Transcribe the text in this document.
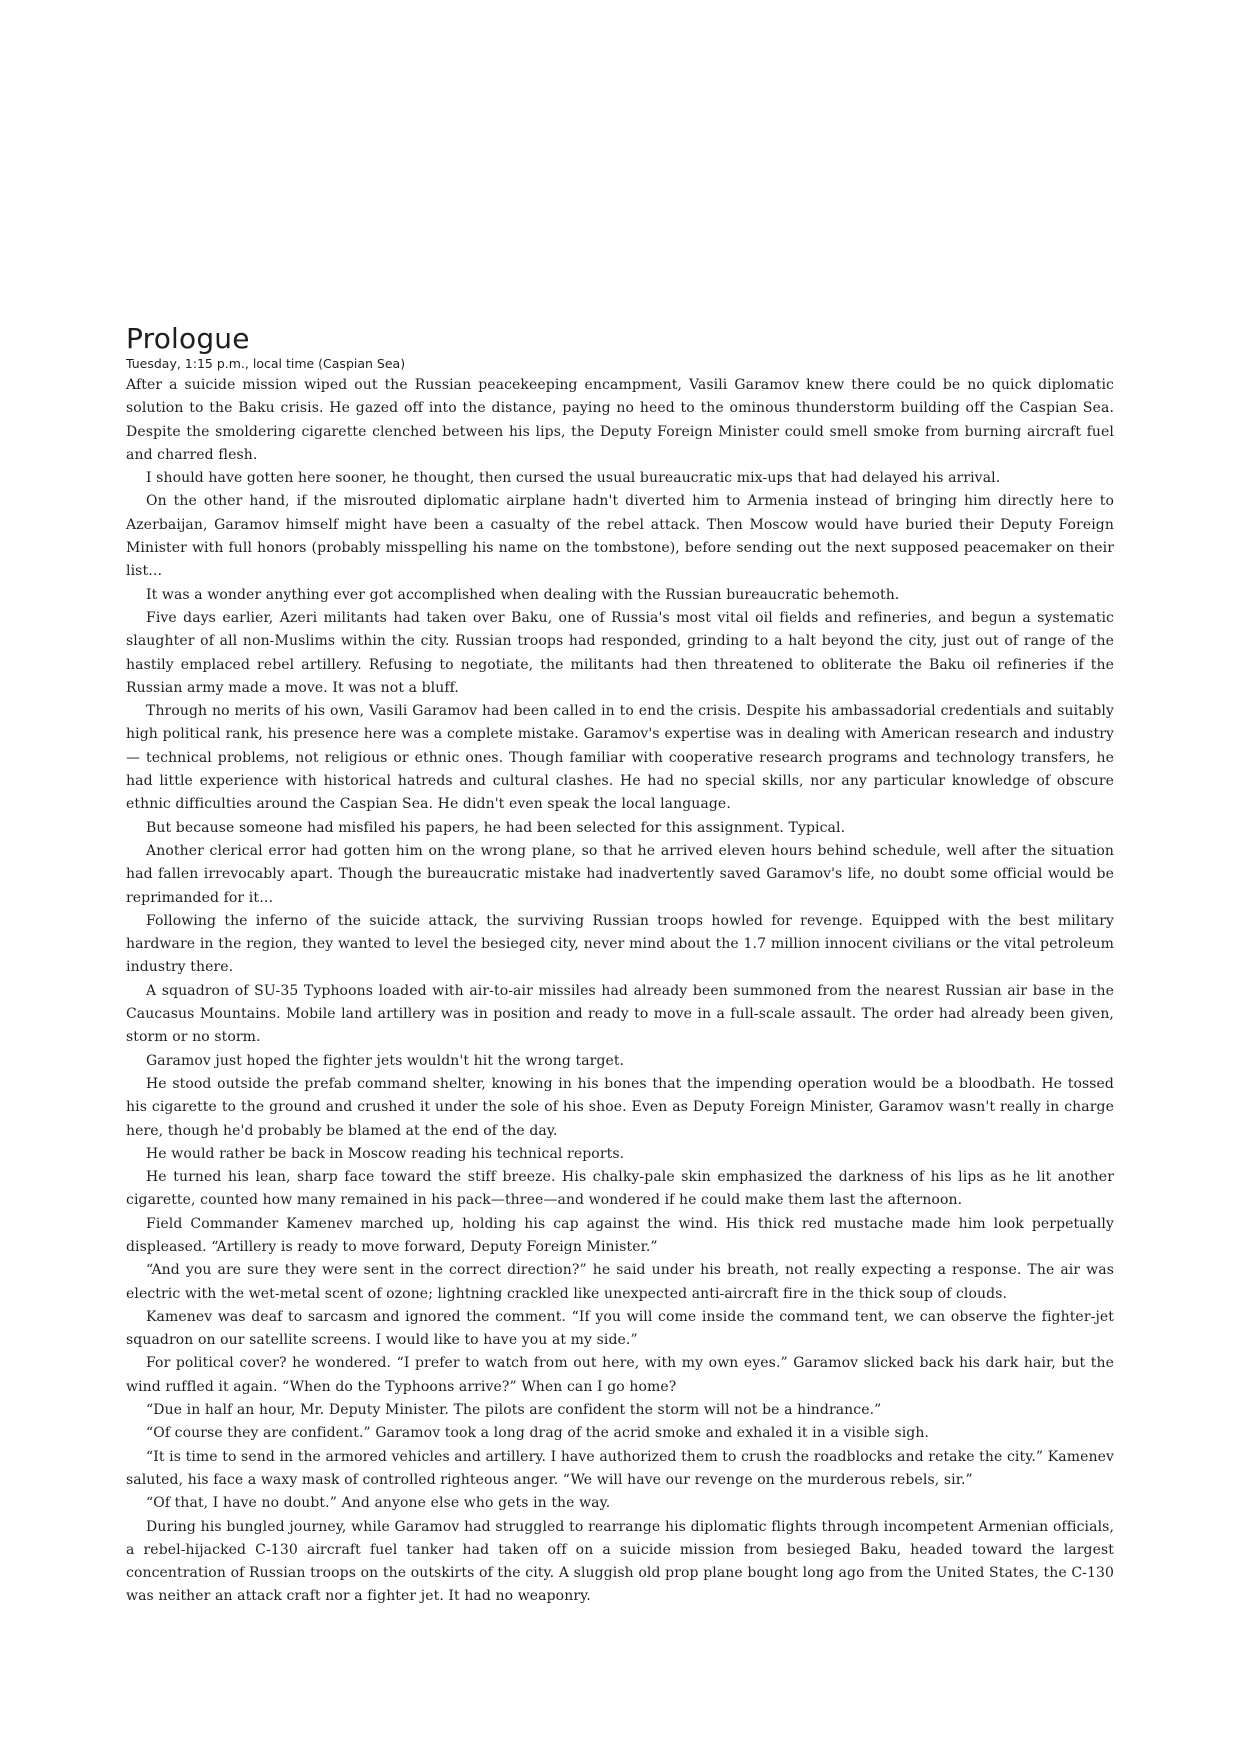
Prologue
Tuesday, 1:15 p.m., local time (Caspian Sea)

After a suicide mission wiped out the Russian peacekeeping encampment, Vasili Garamov knew there could be no quick diplomatic solution to the Baku crisis. He gazed off into the distance, paying no heed to the ominous thunderstorm building off the Caspian Sea. Despite the smoldering cigarette clenched between his lips, the Deputy Foreign Minister could smell smoke from burning aircraft fuel and charred flesh.

I should have gotten here sooner, he thought, then cursed the usual bureaucratic mix-ups that had delayed his arrival.

On the other hand, if the misrouted diplomatic airplane hadn't diverted him to Armenia instead of bringing him directly here to Azerbaijan, Garamov himself might have been a casualty of the rebel attack. Then Moscow would have buried their Deputy Foreign Minister with full honors (probably misspelling his name on the tombstone), before sending out the next supposed peacemaker on their list…

It was a wonder anything ever got accomplished when dealing with the Russian bureaucratic behemoth.

Five days earlier, Azeri militants had taken over Baku, one of Russia's most vital oil fields and refineries, and begun a systematic slaughter of all non-Muslims within the city. Russian troops had responded, grinding to a halt beyond the city, just out of range of the hastily emplaced rebel artillery. Refusing to negotiate, the militants had then threatened to obliterate the Baku oil refineries if the Russian army made a move. It was not a bluff.

Through no merits of his own, Vasili Garamov had been called in to end the crisis. Despite his ambassadorial credentials and suitably high political rank, his presence here was a complete mistake. Garamov's expertise was in dealing with American research and industry— technical problems, not religious or ethnic ones. Though familiar with cooperative research programs and technology transfers, he had little experience with historical hatreds and cultural clashes. He had no special skills, nor any particular knowledge of obscure ethnic difficulties around the Caspian Sea. He didn't even speak the local language.

But because someone had misfiled his papers, he had been selected for this assignment. Typical.

Another clerical error had gotten him on the wrong plane, so that he arrived eleven hours behind schedule, well after the situation had fallen irrevocably apart. Though the bureaucratic mistake had inadvertently saved Garamov's life, no doubt some official would be reprimanded for it…

Following the inferno of the suicide attack, the surviving Russian troops howled for revenge. Equipped with the best military hardware in the region, they wanted to level the besieged city, never mind about the 1.7 million innocent civilians or the vital petroleum industry there.

A squadron of SU-35 Typhoons loaded with air-to-air missiles had already been summoned from the nearest Russian air base in the Caucasus Mountains. Mobile land artillery was in position and ready to move in a full-scale assault. The order had already been given, storm or no storm.

Garamov just hoped the fighter jets wouldn't hit the wrong target.

He stood outside the prefab command shelter, knowing in his bones that the impending operation would be a bloodbath. He tossed his cigarette to the ground and crushed it under the sole of his shoe. Even as Deputy Foreign Minister, Garamov wasn't really in charge here, though he'd probably be blamed at the end of the day.

He would rather be back in Moscow reading his technical reports.

He turned his lean, sharp face toward the stiff breeze. His chalky-pale skin emphasized the darkness of his lips as he lit another cigarette, counted how many remained in his pack—three—and wondered if he could make them last the afternoon.

Field Commander Kamenev marched up, holding his cap against the wind. His thick red mustache made him look perpetually displeased. “Artillery is ready to move forward, Deputy Foreign Minister.”

“And you are sure they were sent in the correct direction?” he said under his breath, not really expecting a response. The air was electric with the wet-metal scent of ozone; lightning crackled like unexpected anti-aircraft fire in the thick soup of clouds.

Kamenev was deaf to sarcasm and ignored the comment. “If you will come inside the command tent, we can observe the fighter-jet squadron on our satellite screens. I would like to have you at my side.”

For political cover? he wondered. “I prefer to watch from out here, with my own eyes.” Garamov slicked back his dark hair, but the wind ruffled it again. “When do the Typhoons arrive?” When can I go home?

“Due in half an hour, Mr. Deputy Minister. The pilots are confident the storm will not be a hindrance.”

“Of course they are confident.” Garamov took a long drag of the acrid smoke and exhaled it in a visible sigh.

“It is time to send in the armored vehicles and artillery. I have authorized them to crush the roadblocks and retake the city.” Kamenev saluted, his face a waxy mask of controlled righteous anger. “We will have our revenge on the murderous rebels, sir.”

“Of that, I have no doubt.” And anyone else who gets in the way.

During his bungled journey, while Garamov had struggled to rearrange his diplomatic flights through incompetent Armenian officials, a rebel-hijacked C-130 aircraft fuel tanker had taken off on a suicide mission from besieged Baku, headed toward the largest concentration of Russian troops on the outskirts of the city. A sluggish old prop plane bought long ago from the United States, the C-130 was neither an attack craft nor a fighter jet. It had no weaponry.
